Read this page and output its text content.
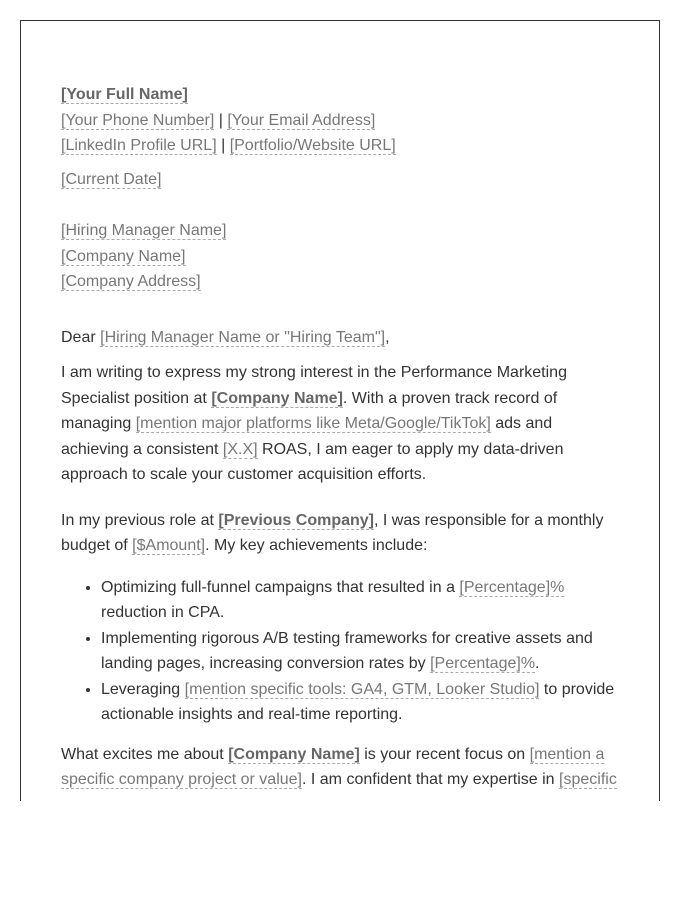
[Your Full Name]
[Your Phone Number] | [Your Email Address]
[LinkedIn Profile URL] | [Portfolio/Website URL]
[Current Date]
[Hiring Manager Name]
[Company Name]
[Company Address]
Dear [Hiring Manager Name or "Hiring Team"],

I am writing to express my strong interest in the Performance Marketing Specialist position at [Company Name]. With a proven track record of managing [mention major platforms like Meta/Google/TikTok] ads and achieving a consistent [X.X] ROAS, I am eager to apply my data-driven approach to scale your customer acquisition efforts.

In my previous role at [Previous Company], I was responsible for a monthly budget of [$Amount]. My key achievements include:

• Optimizing full-funnel campaigns that resulted in a [Percentage]% reduction in CPA.
• Implementing rigorous A/B testing frameworks for creative assets and landing pages, increasing conversion rates by [Percentage]%.
• Leveraging [mention specific tools: GA4, GTM, Looker Studio] to provide actionable insights and real-time reporting.

What excites me about [Company Name] is your recent focus on [mention a specific company project or value]. I am confident that my expertise in [specific
